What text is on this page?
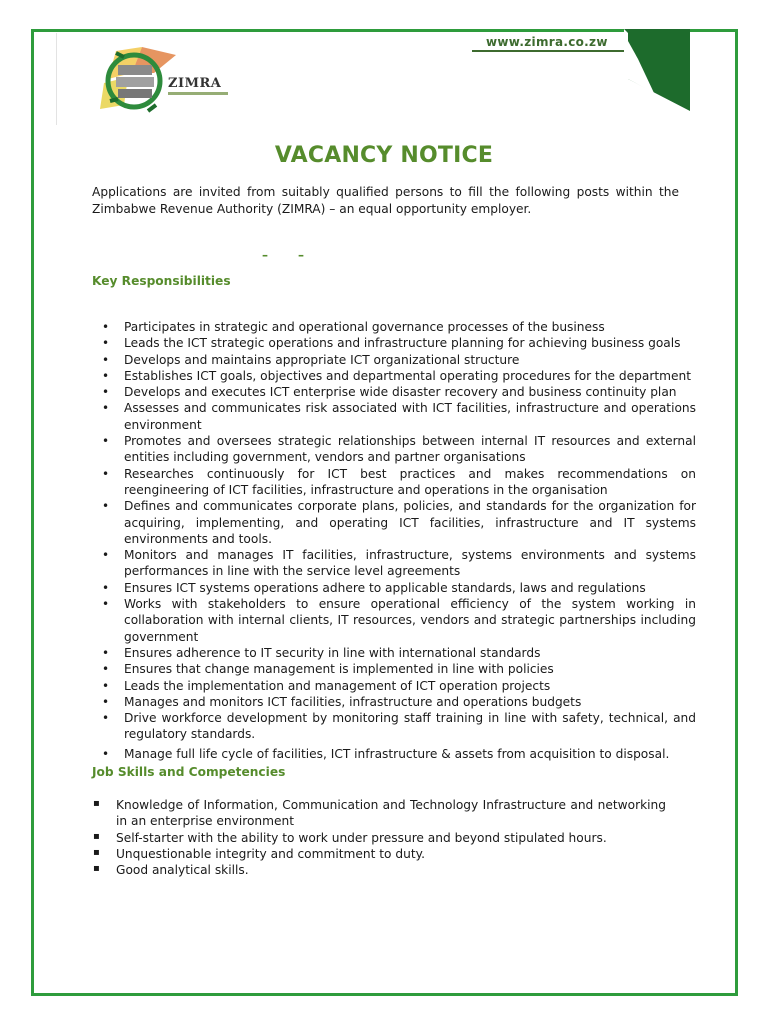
ZIMRA
www.zimra.co.zw
VACANCY NOTICE

Applications are invited from suitably qualified persons to fill the following posts within the Zimbabwe Revenue Authority (ZIMRA) – an equal opportunity employer.

–	–
Key Responsibilities
• Participates in strategic and operational governance processes of the business
• Leads the ICT strategic operations and infrastructure planning for achieving business goals
• Develops and maintains appropriate ICT organizational structure
• Establishes ICT goals, objectives and departmental operating procedures for the department
• Develops and executes ICT enterprise wide disaster recovery and business continuity plan
• Assesses and communicates risk associated with ICT facilities, infrastructure and operations environment
• Promotes and oversees strategic relationships between internal IT resources and external entities including government, vendors and partner organisations
• Researches continuously for ICT best practices and makes recommendations on reengineering of ICT facilities, infrastructure and operations in the organisation
• Defines and communicates corporate plans, policies, and standards for the organization for acquiring, implementing, and operating ICT facilities, infrastructure and IT systems environments and tools.
• Monitors and manages IT facilities, infrastructure, systems environments and systems performances in line with the service level agreements
• Ensures ICT systems operations adhere to applicable standards, laws and regulations
• Works with stakeholders to ensure operational efficiency of the system working in collaboration with internal clients, IT resources, vendors and strategic partnerships including government
• Ensures adherence to IT security in line with international standards
• Ensures that change management is implemented in line with policies
• Leads the implementation and management of ICT operation projects
• Manages and monitors ICT facilities, infrastructure and operations budgets
• Drive workforce development by monitoring staff training in line with safety, technical, and regulatory standards.
• Manage full life cycle of facilities, ICT infrastructure & assets from acquisition to disposal.
Job Skills and Competencies
▪ Knowledge of Information, Communication and Technology Infrastructure and networking in an enterprise environment
▪ Self-starter with the ability to work under pressure and beyond stipulated hours.
▪ Unquestionable integrity and commitment to duty.
▪ Good analytical skills.
